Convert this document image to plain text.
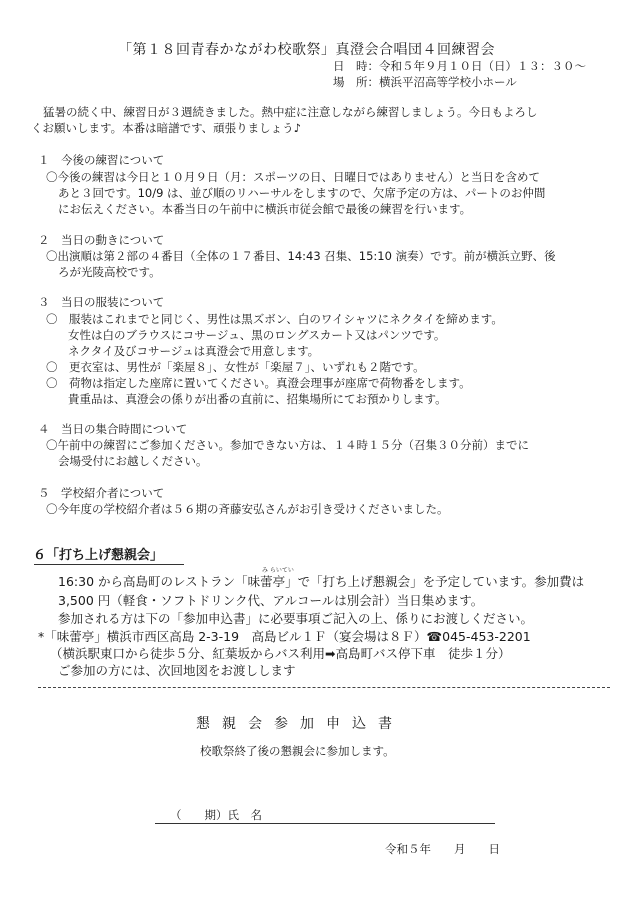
「第１８回青春かながわ校歌祭」真澄会合唱団４回練習会
日　時：令和５年９月１０日（日）１３：３０～
場　所：横浜平沼高等学校小ホール
猛暑の続く中、練習日が３週続きました。熱中症に注意しながら練習しましょう。今日もよろし
くお願いします。本番は暗譜です、頑張りましょう♪
１　今後の練習について
〇今後の練習は今日と１０月９日（月：スポーツの日、日曜日ではありません）と当日を含めて
あと３回です。10/9 は、並び順のリハーサルをしますので、欠席予定の方は、パートのお仲間
にお伝えください。本番当日の午前中に横浜市従会館で最後の練習を行います。
２　当日の動きについて
〇出演順は第２部の４番目（全体の１７番目、14:43 召集、15:10 演奏）です。前が横浜立野、後
ろが光陵高校です。
３　当日の服装について
〇　服装はこれまでと同じく、男性は黒ズボン、白のワイシャツにネクタイを締めます。
女性は白のブラウスにコサージュ、黒のロングスカート又はパンツです。
ネクタイ及びコサージュは真澄会で用意します。
〇　更衣室は、男性が「楽屋８」、女性が「楽屋７」、いずれも２階です。
〇　荷物は指定した座席に置いてください。真澄会理事が座席で荷物番をします。
貴重品は、真澄会の係りが出番の直前に、招集場所にてお預かりします。
４　当日の集合時間について
〇午前中の練習にご参加ください。参加できない方は、１４時１５分（召集３０分前）までに
会場受付にお越しください。
５　学校紹介者について
〇今年度の学校紹介者は５６期の斉藤安弘さんがお引き受けくださいました。
６「打ち上げ懇親会」
み らいてい
16:30 から高島町のレストラン「味蕾亭」で「打ち上げ懇親会」を予定しています。参加費は
3,500 円（軽食・ソフトドリンク代、アルコールは別会計）当日集めます。
参加される方は下の「参加申込書」に必要事項ご記入の上、係りにお渡しください。
*「味蕾亭」横浜市西区高島 2-3-19　高島ビル１Ｆ（宴会場は８Ｆ）☎045-453-2201
（横浜駅東口から徒歩５分、紅葉坂からバス利用➡高島町バス停下車　徒歩１分）
ご参加の方には、次回地図をお渡しします
懇親会参加申込書
校歌祭終了後の懇親会に参加します。
（　　期）氏　名
令和５年　　月　　日
